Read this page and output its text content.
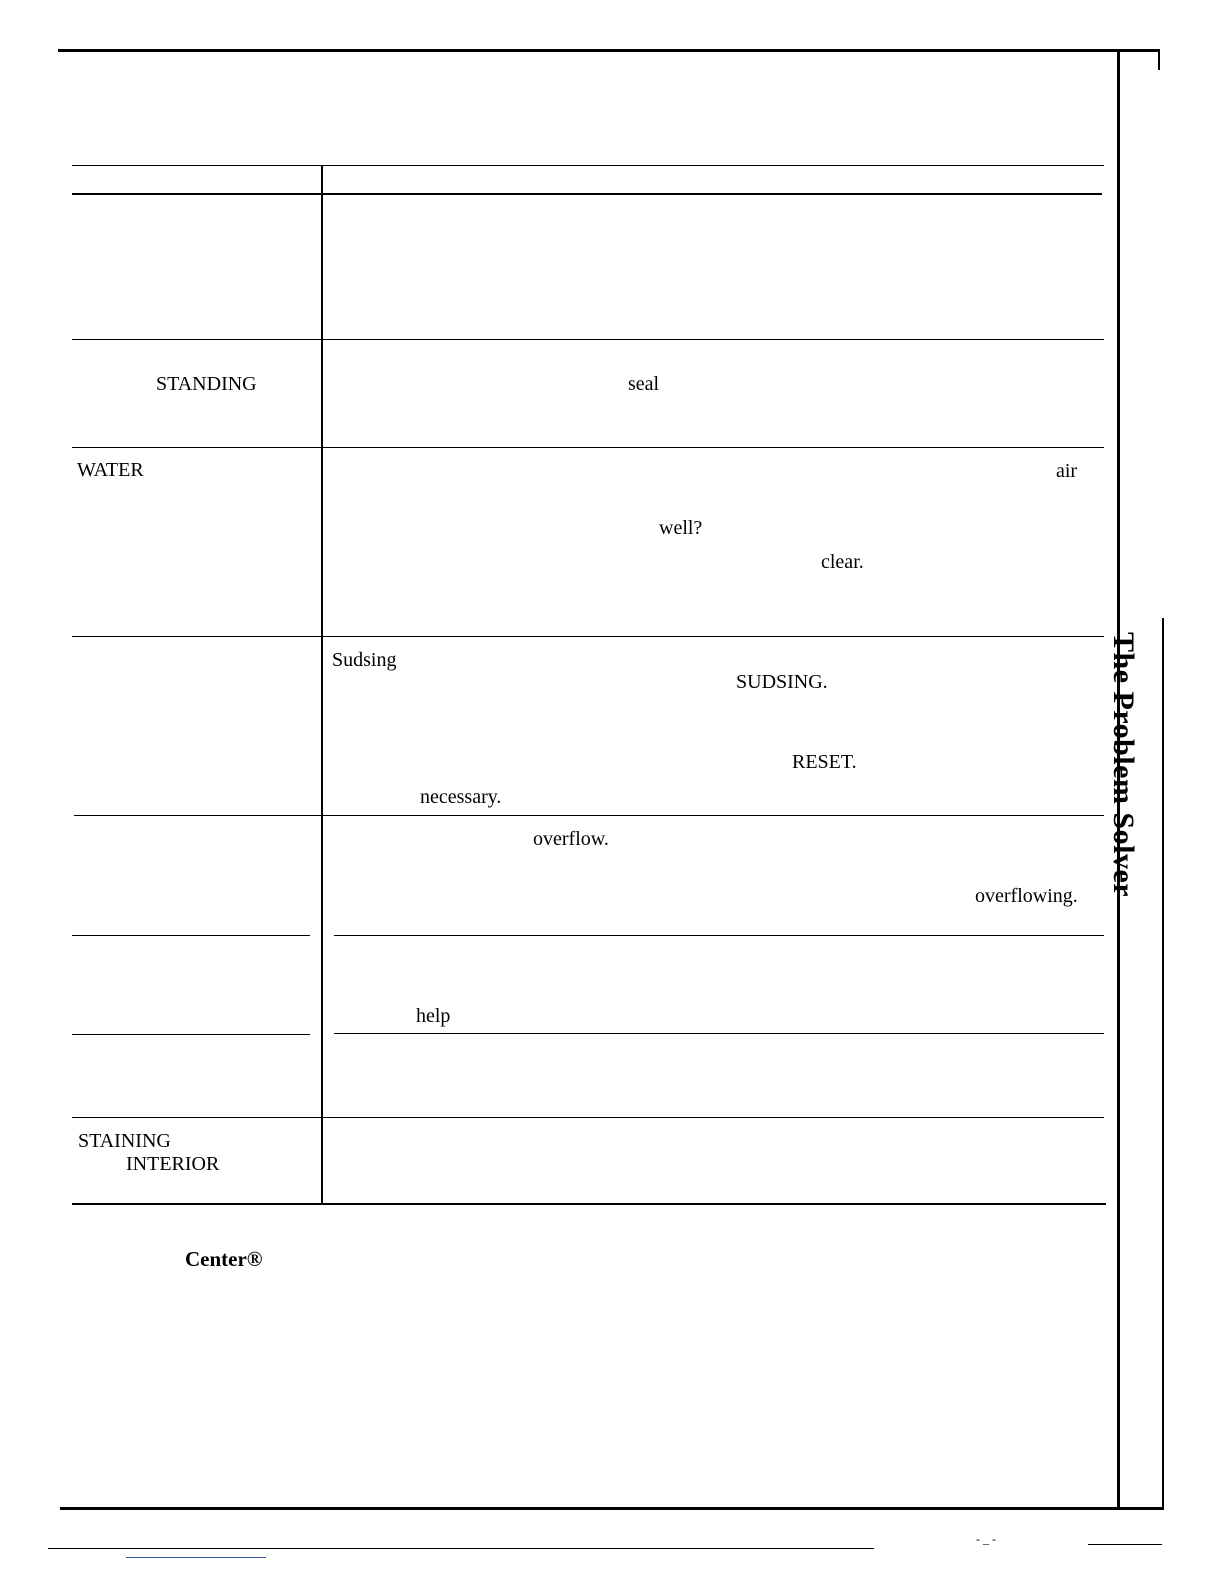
STANDING
WATER
STAINING
INTERIOR
seal
air
well?
clear.
Sudsing
SUDSING.
RESET.
necessary.
overflow.
overflowing.
help
Center®
The Problem Solver
- _ -
